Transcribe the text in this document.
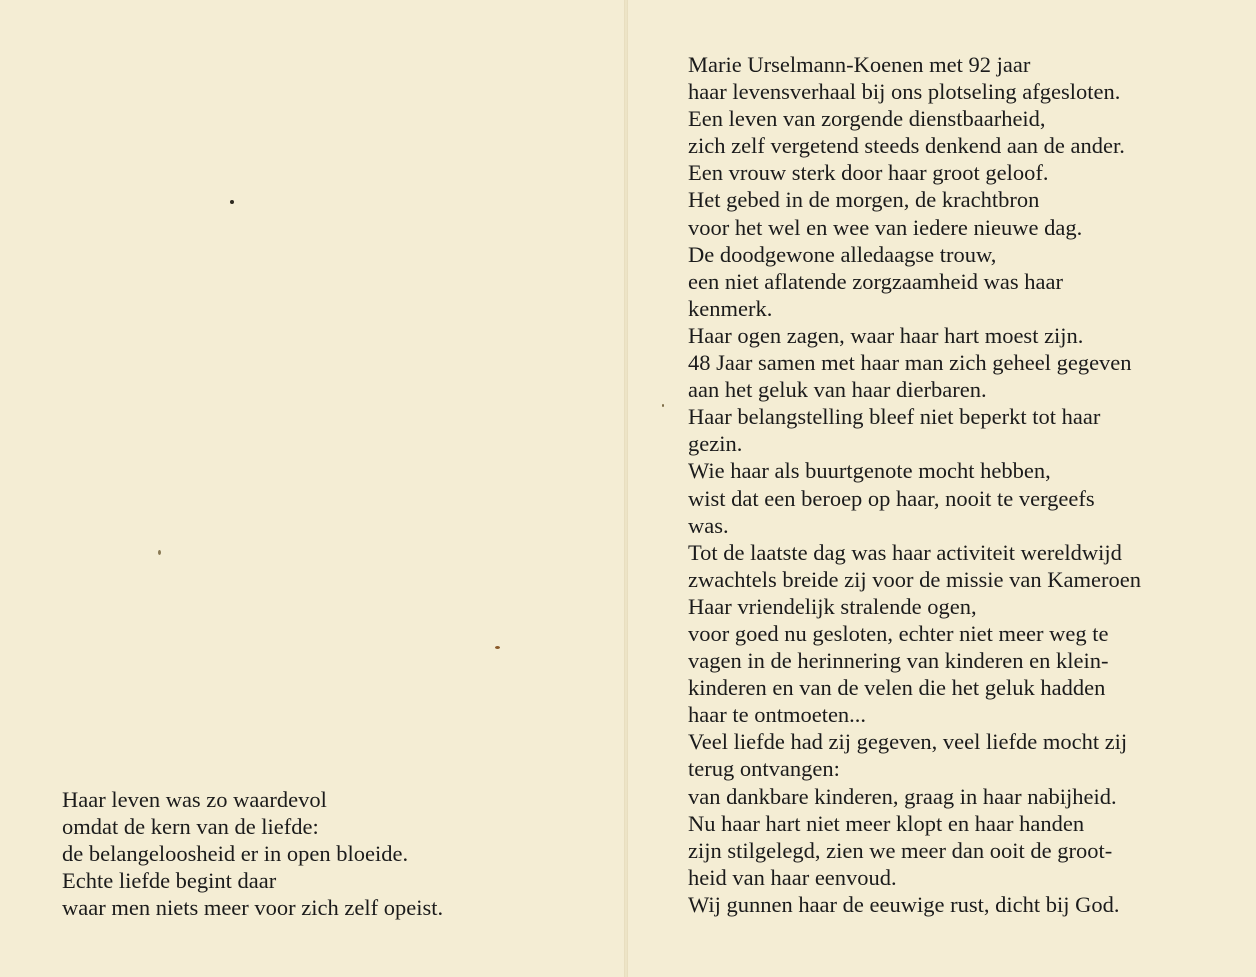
Haar leven was zo waardevol
omdat de kern van de liefde:
de belangeloosheid er in open bloeide.
Echte liefde begint daar
waar men niets meer voor zich zelf opeist.
Marie Urselmann-Koenen met 92 jaar
haar levensverhaal bij ons plotseling afgesloten.
Een leven van zorgende dienstbaarheid,
zich zelf vergetend steeds denkend aan de ander.
Een vrouw sterk door haar groot geloof.
Het gebed in de morgen, de krachtbron
voor het wel en wee van iedere nieuwe dag.
De doodgewone alledaagse trouw,
een niet aflatende zorgzaamheid was haar
kenmerk.
Haar ogen zagen, waar haar hart moest zijn.
48 Jaar samen met haar man zich geheel gegeven
aan het geluk van haar dierbaren.
Haar belangstelling bleef niet beperkt tot haar
gezin.
Wie haar als buurtgenote mocht hebben,
wist dat een beroep op haar, nooit te vergeefs
was.
Tot de laatste dag was haar activiteit wereldwijd
zwachtels breide zij voor de missie van Kameroen
Haar vriendelijk stralende ogen,
voor goed nu gesloten, echter niet meer weg te
vagen in de herinnering van kinderen en klein-
kinderen en van de velen die het geluk hadden
haar te ontmoeten...
Veel liefde had zij gegeven, veel liefde mocht zij
terug ontvangen:
van dankbare kinderen, graag in haar nabijheid.
Nu haar hart niet meer klopt en haar handen
zijn stilgelegd, zien we meer dan ooit de groot-
heid van haar eenvoud.
Wij gunnen haar de eeuwige rust, dicht bij God.
